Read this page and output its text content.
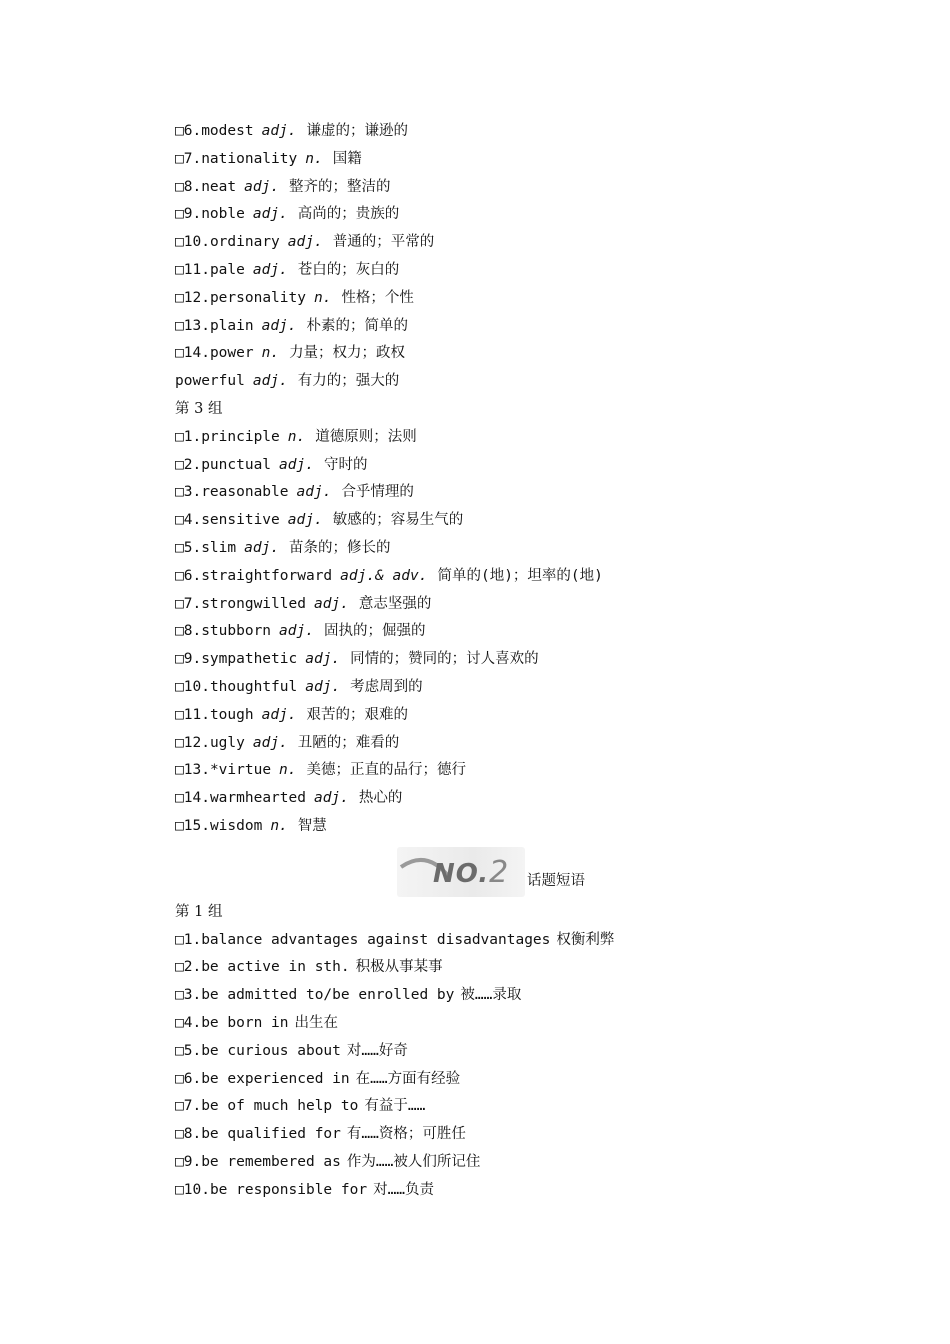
□6.modest adj. 谦虚的；谦逊的
□7.nationality n. 国籍
□8.neat adj. 整齐的；整洁的
□9.noble adj. 高尚的；贵族的
□10.ordinary adj. 普通的；平常的
□11.pale adj. 苍白的；灰白的
□12.personality n. 性格；个性
□13.plain adj. 朴素的；简单的
□14.power n. 力量；权力；政权
powerful adj. 有力的；强大的
第 3 组
□1.principle n. 道德原则；法则
□2.punctual adj. 守时的
□3.reasonable adj. 合乎情理的
□4.sensitive adj. 敏感的；容易生气的
□5.slim adj. 苗条的；修长的
□6.straightforward adj.& adv. 简单的(地)；坦率的(地)
□7.strongwilled adj. 意志坚强的
□8.stubborn adj. 固执的；倔强的
□9.sympathetic adj. 同情的；赞同的；讨人喜欢的
□10.thoughtful adj. 考虑周到的
□11.tough adj. 艰苦的；艰难的
□12.ugly adj. 丑陋的；难看的
□13.*virtue n. 美德；正直的品行；德行
□14.warmhearted adj. 热心的
□15.wisdom n. 智慧
NO.2 话题短语
第 1 组
□1.balance advantages against disadvantages 权衡利弊
□2.be active in sth. 积极从事某事
□3.be admitted to/be enrolled by 被……录取
□4.be born in 出生在
□5.be curious about 对……好奇
□6.be experienced in 在……方面有经验
□7.be of much help to 有益于……
□8.be qualified for 有……资格；可胜任
□9.be remembered as 作为……被人们所记住
□10.be responsible for 对……负责
